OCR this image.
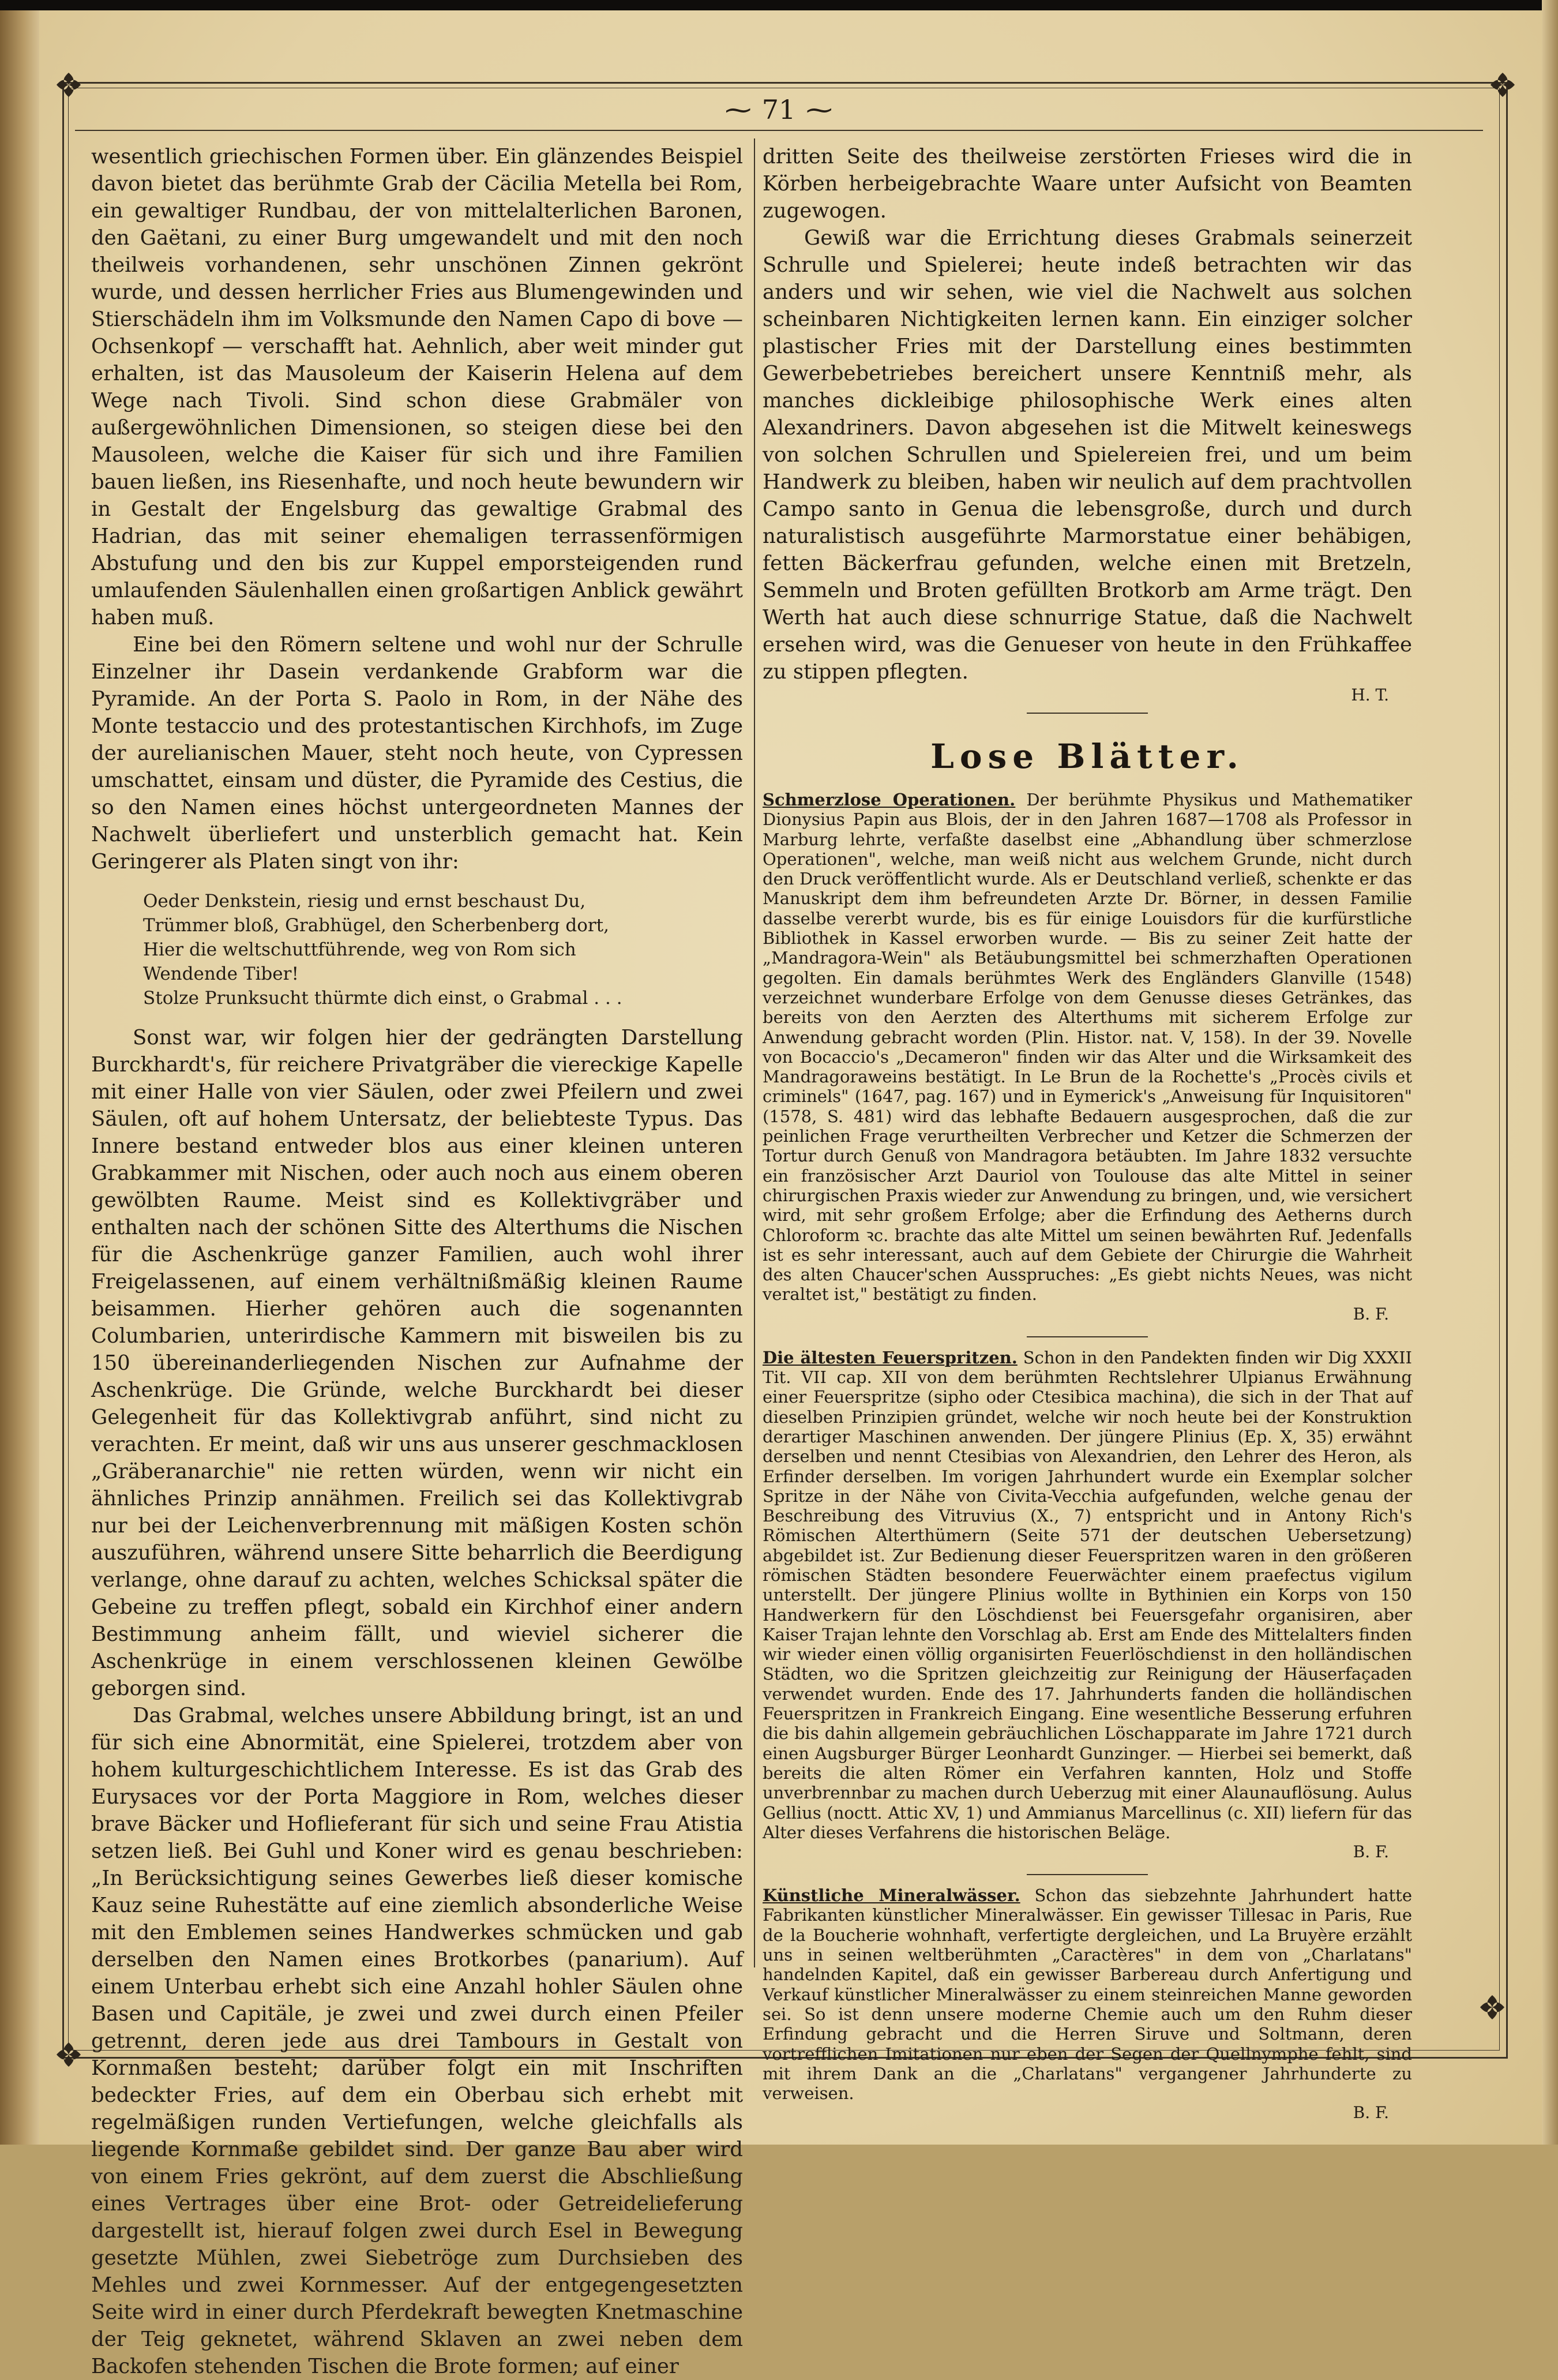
⁓ 71 ⁓

wesentlich griechischen Formen über. Ein glänzendes Beispiel davon bietet das berühmte Grab der Cäcilia Metella bei Rom, ein gewaltiger Rundbau, der von mittelalterlichen Baronen, den Gaëtani, zu einer Burg umgewandelt und mit den noch theilweis vorhandenen, sehr unschönen Zinnen gekrönt wurde, und dessen herrlicher Fries aus Blumengewinden und Stierschädeln ihm im Volksmunde den Namen Capo di bove — Ochsenkopf — verschafft hat. Aehnlich, aber weit minder gut erhalten, ist das Mausoleum der Kaiserin Helena auf dem Wege nach Tivoli. Sind schon diese Grabmäler von außergewöhnlichen Dimensionen, so steigen diese bei den Mausoleen, welche die Kaiser für sich und ihre Familien bauen ließen, ins Riesenhafte, und noch heute bewundern wir in Gestalt der Engelsburg das gewaltige Grabmal des Hadrian, das mit seiner ehemaligen terrassenförmigen Abstufung und den bis zur Kuppel emporsteigenden rund umlaufenden Säulenhallen einen großartigen Anblick gewährt haben muß.

Eine bei den Römern seltene und wohl nur der Schrulle Einzelner ihr Dasein verdankende Grabform war die Pyramide. An der Porta S. Paolo in Rom, in der Nähe des Monte testaccio und des protestantischen Kirchhofs, im Zuge der aurelianischen Mauer, steht noch heute, von Cypressen umschattet, einsam und düster, die Pyramide des Cestius, die so den Namen eines höchst untergeordneten Mannes der Nachwelt überliefert und unsterblich gemacht hat. Kein Geringerer als Platen singt von ihr:

Oeder Denkstein, riesig und ernst beschaust Du,
Trümmer bloß, Grabhügel, den Scherbenberg dort,
Hier die weltschuttführende, weg von Rom sich
Wendende Tiber!
Stolze Prunksucht thürmte dich einst, o Grabmal . . .

Sonst war, wir folgen hier der gedrängten Darstellung Burckhardt's, für reichere Privatgräber die viereckige Kapelle mit einer Halle von vier Säulen, oder zwei Pfeilern und zwei Säulen, oft auf hohem Untersatz, der beliebteste Typus. Das Innere bestand entweder blos aus einer kleinen unteren Grabkammer mit Nischen, oder auch noch aus einem oberen gewölbten Raume. Meist sind es Kollektivgräber und enthalten nach der schönen Sitte des Alterthums die Nischen für die Aschenkrüge ganzer Familien, auch wohl ihrer Freigelassenen, auf einem verhältnißmäßig kleinen Raume beisammen. Hierher gehören auch die sogenannten Columbarien, unterirdische Kammern mit bisweilen bis zu 150 übereinanderliegenden Nischen zur Aufnahme der Aschenkrüge. Die Gründe, welche Burckhardt bei dieser Gelegenheit für das Kollektivgrab anführt, sind nicht zu verachten. Er meint, daß wir uns aus unserer geschmacklosen „Gräberanarchie" nie retten würden, wenn wir nicht ein ähnliches Prinzip annähmen. Freilich sei das Kollektivgrab nur bei der Leichenverbrennung mit mäßigen Kosten schön auszuführen, während unsere Sitte beharrlich die Beerdigung verlange, ohne darauf zu achten, welches Schicksal später die Gebeine zu treffen pflegt, sobald ein Kirchhof einer andern Bestimmung anheim fällt, und wieviel sicherer die Aschenkrüge in einem verschlossenen kleinen Gewölbe geborgen sind.

Das Grabmal, welches unsere Abbildung bringt, ist an und für sich eine Abnormität, eine Spielerei, trotzdem aber von hohem kulturgeschichtlichem Interesse. Es ist das Grab des Eurysaces vor der Porta Maggiore in Rom, welches dieser brave Bäcker und Hoflieferant für sich und seine Frau Atistia setzen ließ. Bei Guhl und Koner wird es genau beschrieben: „In Berücksichtigung seines Gewerbes ließ dieser komische Kauz seine Ruhestätte auf eine ziemlich absonderliche Weise mit den Emblemen seines Handwerkes schmücken und gab derselben den Namen eines Brotkorbes (panarium). Auf einem Unterbau erhebt sich eine Anzahl hohler Säulen ohne Basen und Capitäle, je zwei und zwei durch einen Pfeiler getrennt, deren jede aus drei Tambours in Gestalt von Kornmaßen besteht; darüber folgt ein mit Inschriften bedeckter Fries, auf dem ein Oberbau sich erhebt mit regelmäßigen runden Vertiefungen, welche gleichfalls als liegende Kornmaße gebildet sind. Der ganze Bau aber wird von einem Fries gekrönt, auf dem zuerst die Abschließung eines Vertrages über eine Brot- oder Getreidelieferung dargestellt ist, hierauf folgen zwei durch Esel in Bewegung gesetzte Mühlen, zwei Siebetröge zum Durchsieben des Mehles und zwei Kornmesser. Auf der entgegengesetzten Seite wird in einer durch Pferdekraft bewegten Knetmaschine der Teig geknetet, während Sklaven an zwei neben dem Backofen stehenden Tischen die Brote formen; auf einer

dritten Seite des theilweise zerstörten Frieses wird die in Körben herbeigebrachte Waare unter Aufsicht von Beamten zugewogen.

Gewiß war die Errichtung dieses Grabmals seinerzeit Schrulle und Spielerei; heute indeß betrachten wir das anders und wir sehen, wie viel die Nachwelt aus solchen scheinbaren Nichtigkeiten lernen kann. Ein einziger solcher plastischer Fries mit der Darstellung eines bestimmten Gewerbebetriebes bereichert unsere Kenntniß mehr, als manches dickleibige philosophische Werk eines alten Alexandriners. Davon abgesehen ist die Mitwelt keineswegs von solchen Schrullen und Spielereien frei, und um beim Handwerk zu bleiben, haben wir neulich auf dem prachtvollen Campo santo in Genua die lebensgroße, durch und durch naturalistisch ausgeführte Marmorstatue einer behäbigen, fetten Bäckerfrau gefunden, welche einen mit Bretzeln, Semmeln und Broten gefüllten Brotkorb am Arme trägt. Den Werth hat auch diese schnurrige Statue, daß die Nachwelt ersehen wird, was die Genueser von heute in den Frühkaffee zu stippen pflegten.

H. T.
Lose Blätter.

Schmerzlose Operationen. Der berühmte Physikus und Mathematiker Dionysius Papin aus Blois, der in den Jahren 1687—1708 als Professor in Marburg lehrte, verfaßte daselbst eine „Abhandlung über schmerzlose Operationen", welche, man weiß nicht aus welchem Grunde, nicht durch den Druck veröffentlicht wurde. Als er Deutschland verließ, schenkte er das Manuskript dem ihm befreundeten Arzte Dr. Börner, in dessen Familie dasselbe vererbt wurde, bis es für einige Louisdors für die kurfürstliche Bibliothek in Kassel erworben wurde. — Bis zu seiner Zeit hatte der „Mandragora-Wein" als Betäubungsmittel bei schmerzhaften Operationen gegolten. Ein damals berühmtes Werk des Engländers Glanville (1548) verzeichnet wunderbare Erfolge von dem Genusse dieses Getränkes, das bereits von den Aerzten des Alterthums mit sicherem Erfolge zur Anwendung gebracht worden (Plin. Histor. nat. V, 158). In der 39. Novelle von Bocaccio's „Decameron" finden wir das Alter und die Wirksamkeit des Mandragoraweins bestätigt. In Le Brun de la Rochette's „Procès civils et criminels" (1647, pag. 167) und in Eymerick's „Anweisung für Inquisitoren" (1578, S. 481) wird das lebhafte Bedauern ausgesprochen, daß die zur peinlichen Frage verurtheilten Verbrecher und Ketzer die Schmerzen der Tortur durch Genuß von Mandragora betäubten. Im Jahre 1832 versuchte ein französischer Arzt Dauriol von Toulouse das alte Mittel in seiner chirurgischen Praxis wieder zur Anwendung zu bringen, und, wie versichert wird, mit sehr großem Erfolge; aber die Erfindung des Aetherns durch Chloroform ꝛc. brachte das alte Mittel um seinen bewährten Ruf. Jedenfalls ist es sehr interessant, auch auf dem Gebiete der Chirurgie die Wahrheit des alten Chaucer'schen Ausspruches: „Es giebt nichts Neues, was nicht veraltet ist," bestätigt zu finden.

B. F.

Die ältesten Feuerspritzen. Schon in den Pandekten finden wir Dig XXXII Tit. VII cap. XII von dem berühmten Rechtslehrer Ulpianus Erwähnung einer Feuerspritze (sipho oder Ctesibica machina), die sich in der That auf dieselben Prinzipien gründet, welche wir noch heute bei der Konstruktion derartiger Maschinen anwenden. Der jüngere Plinius (Ep. X, 35) erwähnt derselben und nennt Ctesibias von Alexandrien, den Lehrer des Heron, als Erfinder derselben. Im vorigen Jahrhundert wurde ein Exemplar solcher Spritze in der Nähe von Civita-Vecchia aufgefunden, welche genau der Beschreibung des Vitruvius (X., 7) entspricht und in Antony Rich's Römischen Alterthümern (Seite 571 der deutschen Uebersetzung) abgebildet ist. Zur Bedienung dieser Feuerspritzen waren in den größeren römischen Städten besondere Feuerwächter einem praefectus vigilum unterstellt. Der jüngere Plinius wollte in Bythinien ein Korps von 150 Handwerkern für den Löschdienst bei Feuersgefahr organisiren, aber Kaiser Trajan lehnte den Vorschlag ab. Erst am Ende des Mittelalters finden wir wieder einen völlig organisirten Feuerlöschdienst in den holländischen Städten, wo die Spritzen gleichzeitig zur Reinigung der Häuserfaçaden verwendet wurden. Ende des 17. Jahrhunderts fanden die holländischen Feuerspritzen in Frankreich Eingang. Eine wesentliche Besserung erfuhren die bis dahin allgemein gebräuchlichen Löschapparate im Jahre 1721 durch einen Augsburger Bürger Leonhardt Gunzinger. — Hierbei sei bemerkt, daß bereits die alten Römer ein Verfahren kannten, Holz und Stoffe unverbrennbar zu machen durch Ueberzug mit einer Alaunauflösung. Aulus Gellius (noctt. Attic XV, 1) und Ammianus Marcellinus (c. XII) liefern für das Alter dieses Verfahrens die historischen Beläge.

B. F.

Künstliche Mineralwässer. Schon das siebzehnte Jahrhundert hatte Fabrikanten künstlicher Mineralwässer. Ein gewisser Tillesac in Paris, Rue de la Boucherie wohnhaft, verfertigte dergleichen, und La Bruyère erzählt uns in seinen weltberühmten „Caractères" in dem von „Charlatans" handelnden Kapitel, daß ein gewisser Barbereau durch Anfertigung und Verkauf künstlicher Mineralwässer zu einem steinreichen Manne geworden sei. So ist denn unsere moderne Chemie auch um den Ruhm dieser Erfindung gebracht und die Herren Siruve und Soltmann, deren vortrefflichen Imitationen nur eben der Segen der Quellnymphe fehlt, sind mit ihrem Dank an die „Charlatans" vergangener Jahrhunderte zu verweisen.

B. F.
